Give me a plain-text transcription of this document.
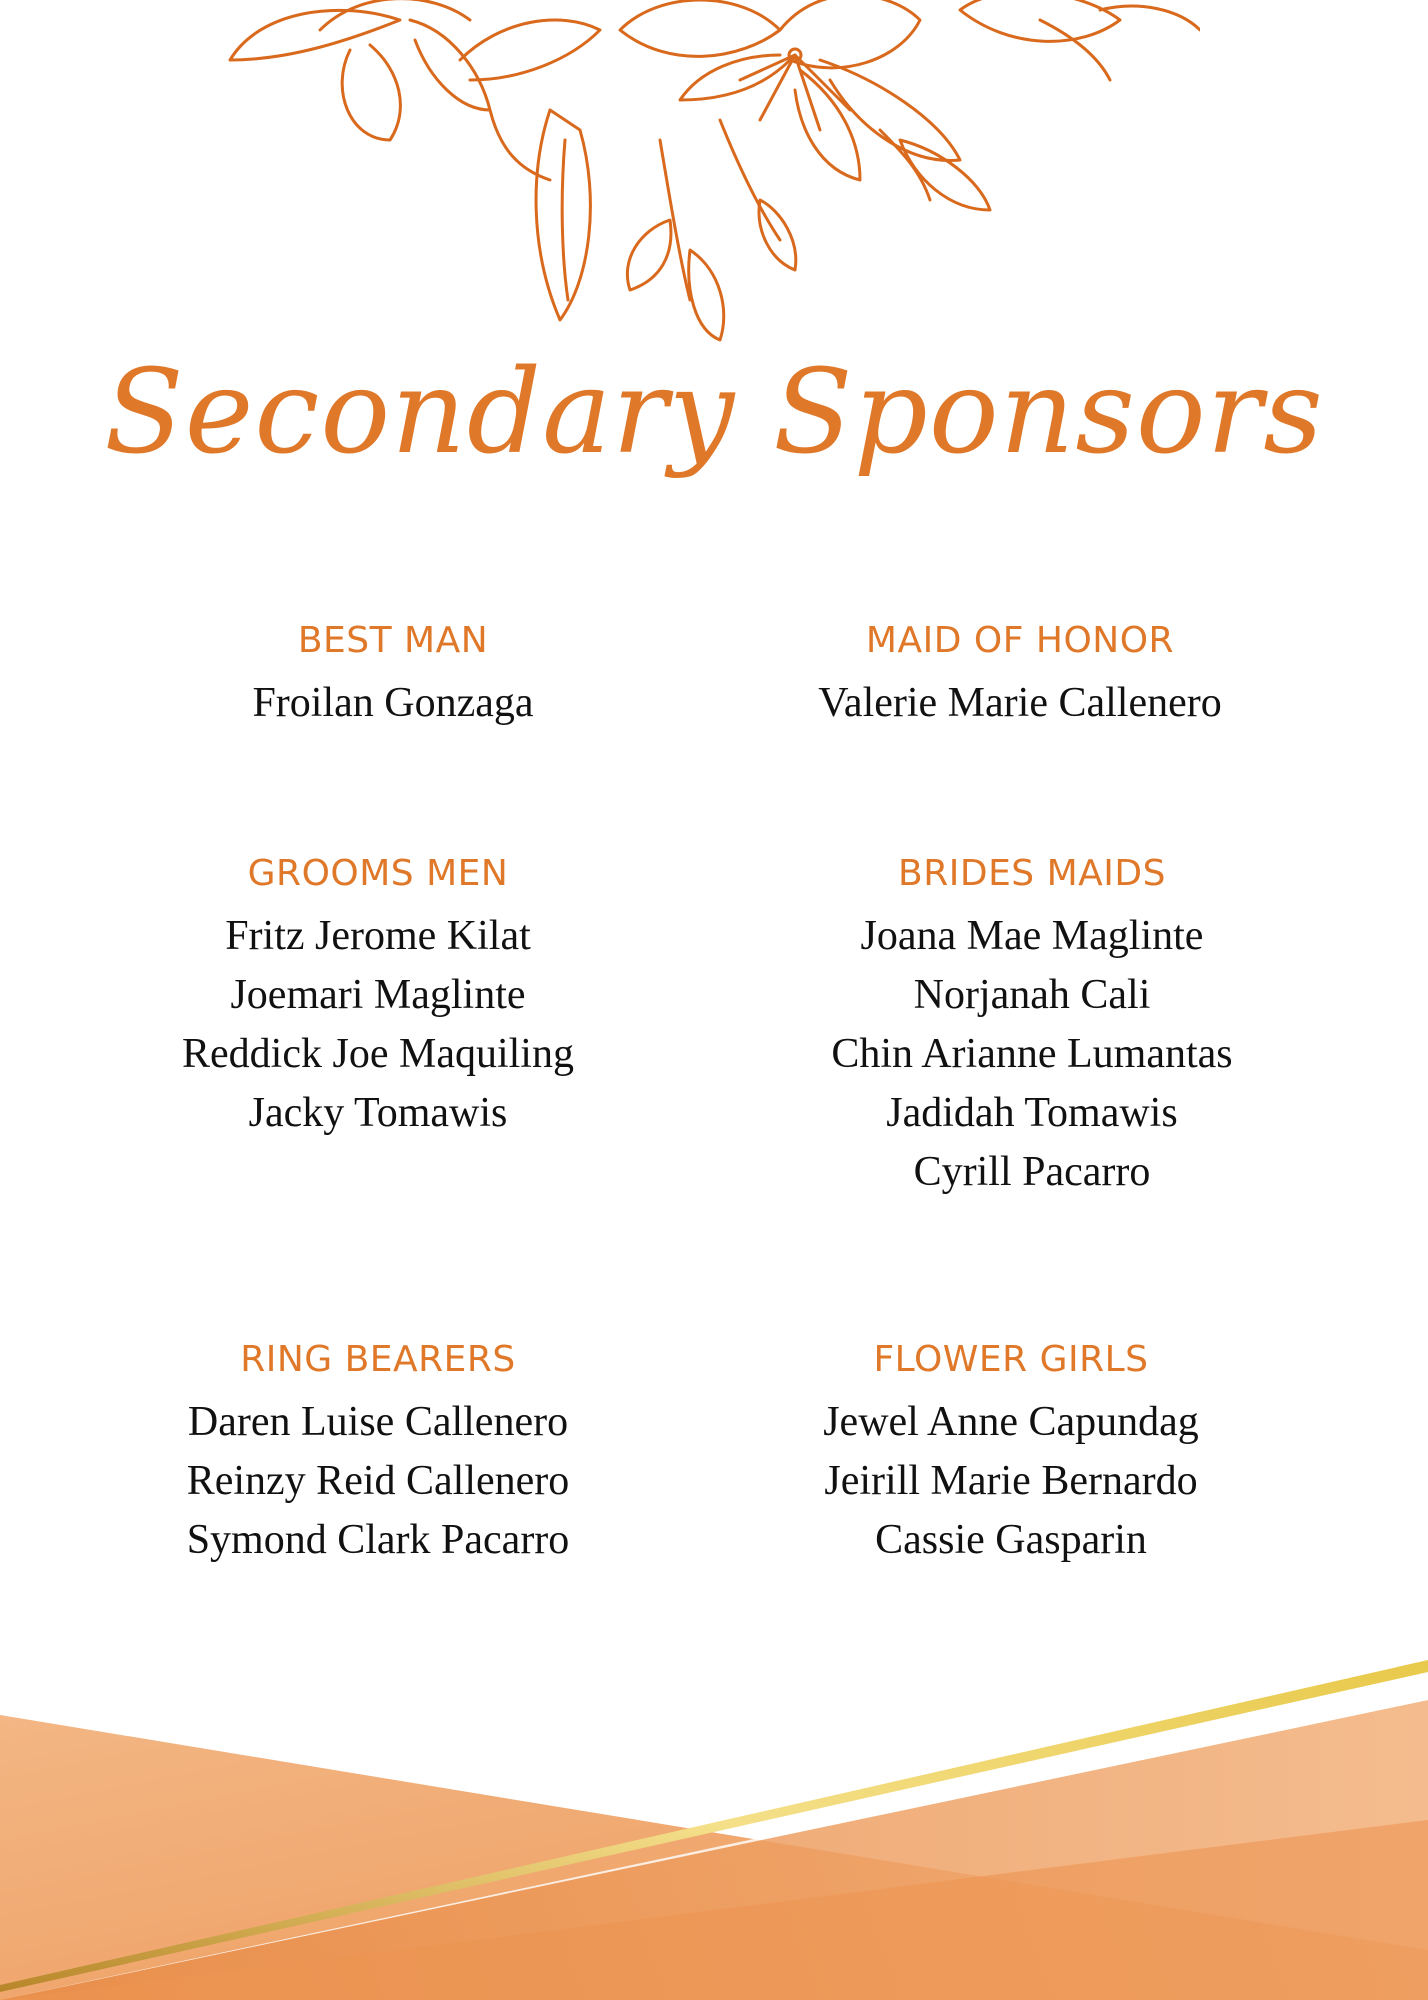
Secondary Sponsors
BEST MAN
Froilan Gonzaga
MAID OF HONOR
Valerie Marie Callenero
GROOMS MEN
Fritz Jerome Kilat
Joemari Maglinte
Reddick Joe Maquiling
Jacky Tomawis
BRIDES MAIDS
Joana Mae Maglinte
Norjanah Cali
Chin Arianne Lumantas
Jadidah Tomawis
Cyrill Pacarro
RING BEARERS
Daren Luise Callenero
Reinzy Reid Callenero
Symond Clark Pacarro
FLOWER GIRLS
Jewel Anne Capundag
Jeirill Marie Bernardo
Cassie Gasparin
